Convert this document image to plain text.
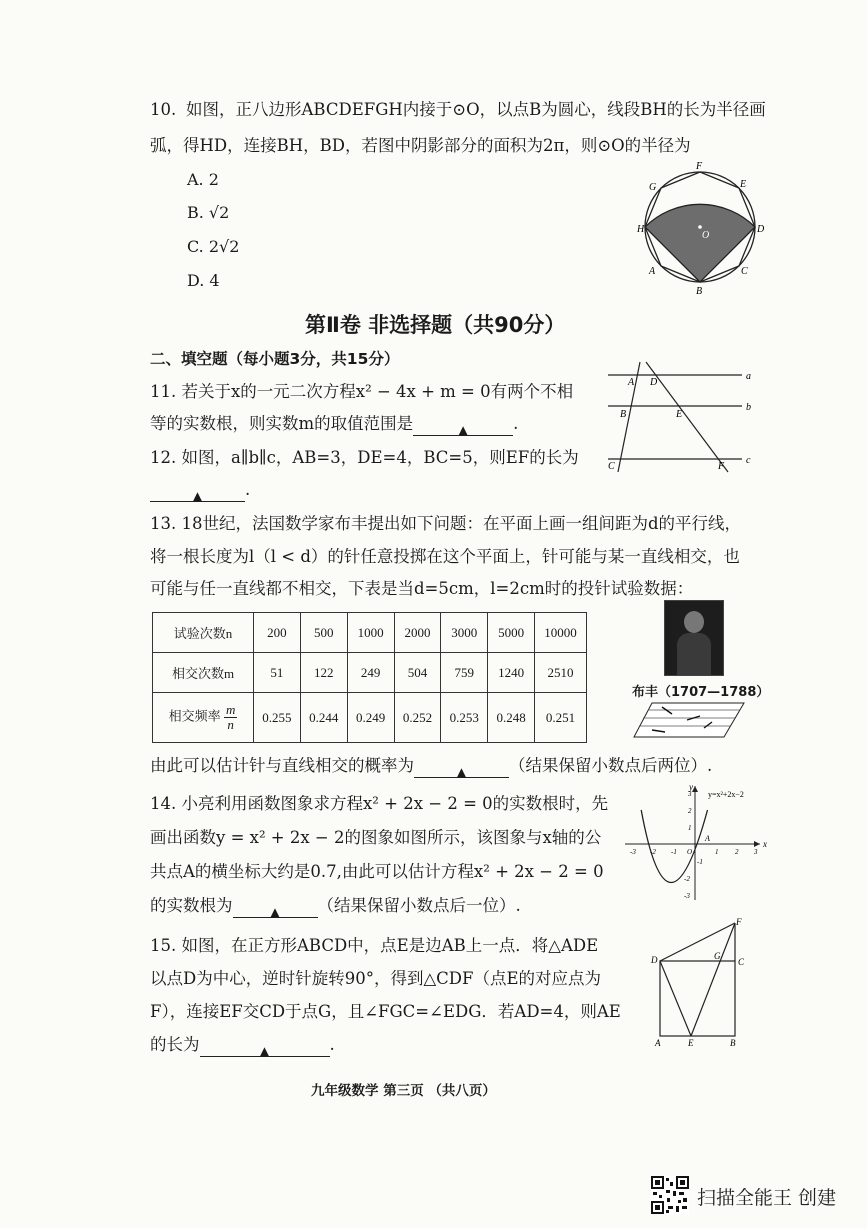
10. 如图，正八边形ABCDEFGH内接于⊙O，以点B为圆心，线段BH的长为半径画
弧，得HD，连接BH，BD，若图中阴影部分的面积为2π，则⊙O的半径为
A. 2
B. √2
C. 2√2
D. 4
F
G	E
H	D
O
A	C
B
第Ⅱ卷 非选择题（共90分）
二、填空题（每小题3分，共15分）
11. 若关于x的一元二次方程x² − 4x + m = 0有两个不相
等的实数根，则实数m的取值范围是	▲	.
A D
a
B	E
b
C	F
c
12. 如图，a∥b∥c，AB=3，DE=4，BC=5，则EF的长为
▲	.
13. 18世纪，法国数学家布丰提出如下问题：在平面上画一组间距为d的平行线，
将一根长度为l（l < d）的针任意投掷在这个平面上，针可能与某一直线相交，也
可能与任一直线都不相交，下表是当d=5cm，l=2cm时的投针试验数据：
试验次数n	200	500	1000	2000	3000	5000	10000
相交次数m	51	122	249	504	759	1240	2510
相交频率 $\frac{m}{n}$	0.255	0.244	0.249	0.252	0.253	0.248	0.251
布丰（1707—1788）
由此可以估计针与直线相交的概率为	▲	（结果保留小数点后两位）.
14. 小亮利用函数图象求方程x² + 2x − 2 = 0的实数根时，先
画出函数y = x² + 2x − 2的图象如图所示，该图象与x轴的公
共点A的横坐标大约是0.7,由此可以估计方程x² + 2x − 2 = 0
的实数根为	▲ （结果保留小数点后一位）.
x
y
y=x²+2x−2
A
-3 -2 -1 O	1 2 3
3
2
1
-1
-2
-3
15. 如图，在正方形ABCD中，点E是边AB上一点．将△ADE
以点D为中心，逆时针旋转90°，得到△CDF（点E的对应点为
F），连接EF交CD于点G，且∠FGC=∠EDG．若AD=4，则AE
的长为	▲	.
F
D	G
C
A	E	B
九年级数学 第三页 （共八页）
扫描全能王 创建
